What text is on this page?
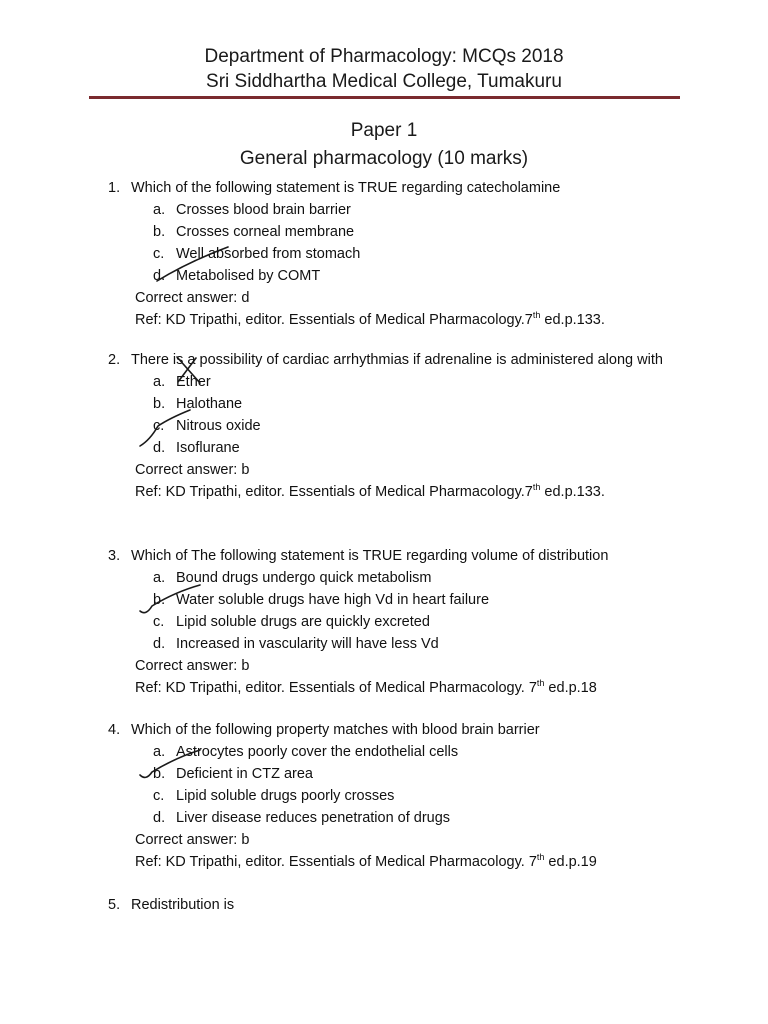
Department of Pharmacology: MCQs 2018
Sri Siddhartha Medical College, Tumakuru
Paper 1
General pharmacology (10 marks)
1. Which of the following statement is TRUE regarding catecholamine
a. Crosses blood brain barrier
b. Crosses corneal membrane
c. Well absorbed from stomach
d. Metabolised by COMT
Correct answer: d
Ref: KD Tripathi, editor. Essentials of Medical Pharmacology.7th ed.p.133.
2. There is a possibility of cardiac arrhythmias if adrenaline is administered along with
a. Ether
b. Halothane
c. Nitrous oxide
d. Isoflurane
Correct answer: b
Ref: KD Tripathi, editor. Essentials of Medical Pharmacology.7th ed.p.133.
3. Which of The following statement is TRUE regarding volume of distribution
a. Bound drugs undergo quick metabolism
b. Water soluble drugs have high Vd in heart failure
c. Lipid soluble drugs are quickly excreted
d. Increased in vascularity will have less Vd
Correct answer: b
Ref: KD Tripathi, editor. Essentials of Medical Pharmacology. 7th ed.p.18
4. Which of the following property matches with blood brain barrier
a. Astrocytes poorly cover the endothelial cells
b. Deficient in CTZ area
c. Lipid soluble drugs poorly crosses
d. Liver disease reduces penetration of drugs
Correct answer: b
Ref: KD Tripathi, editor. Essentials of Medical Pharmacology. 7th ed.p.19
5. Redistribution is
